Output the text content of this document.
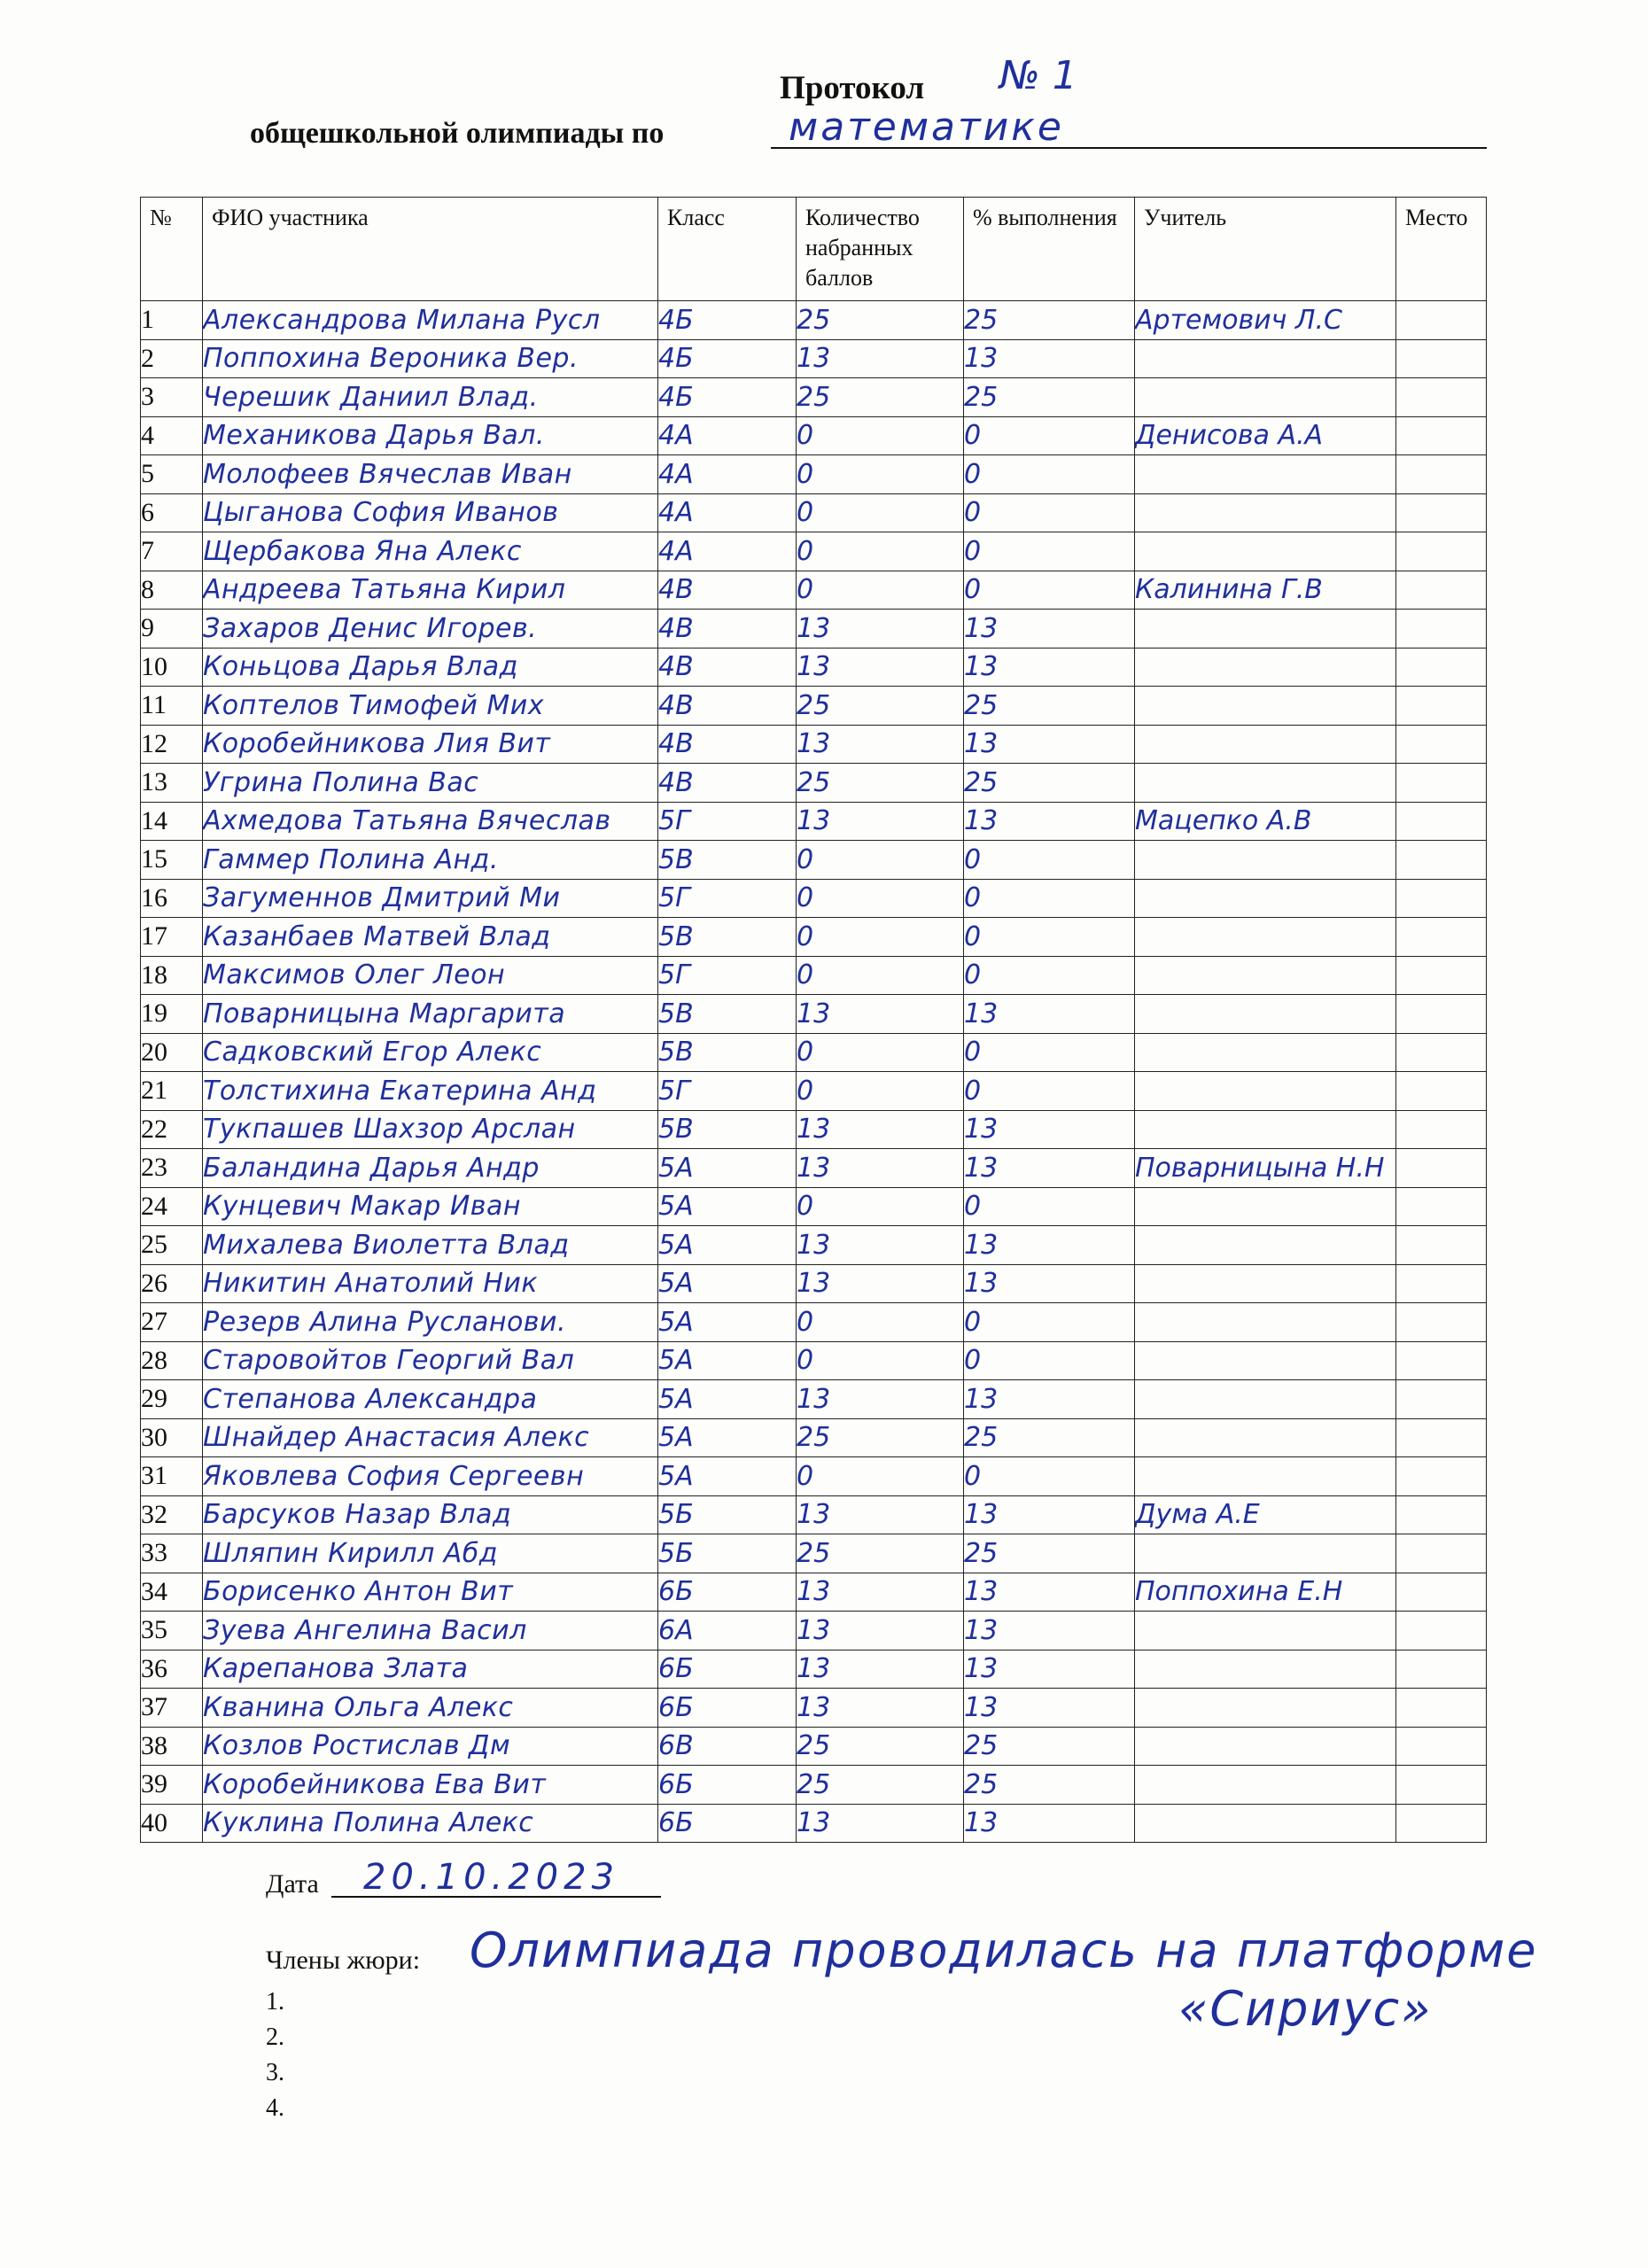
Протокол № 1
общешкольной олимпиады по	математике
№	ФИО участника	Класс	Количество набранных баллов	% выполнения	Учитель	Место
1	Александрова Милана Русл	4Б	25	25	Артемович Л.С	
2	Поппохина Вероника Вер.	4Б	13	13		
3	Черешик Даниил Влад.	4Б	25	25		
4	Механикова Дарья Вал.	4А	0	0	Денисова А.А	
5	Молофеев Вячеслав Иван	4А	0	0		
6	Цыганова София Иванов	4А	0	0		
7	Щербакова Яна Алекс	4А	0	0		
8	Андреева Татьяна Кирил	4В	0	0	Калинина Г.В	
9	Захаров Денис Игорев.	4В	13	13		
10	Коньцова Дарья Влад	4В	13	13		
11	Коптелов Тимофей Мих	4В	25	25		
12	Коробейникова Лия Вит	4В	13	13		
13	Угрина Полина Вас	4В	25	25		
14	Ахмедова Татьяна Вячеслав	5Г	13	13	Мацепко А.В	
15	Гаммер Полина Анд.	5В	0	0		
16	Загуменнов Дмитрий Ми	5Г	0	0		
17	Казанбаев Матвей Влад	5В	0	0		
18	Максимов Олег Леон	5Г	0	0		
19	Поварницына Маргарита	5В	13	13		
20	Садковский Егор Алекс	5В	0	0		
21	Толстихина Екатерина Анд	5Г	0	0		
22	Тукпашев Шахзор Арслан	5В	13	13		
23	Баландина Дарья Андр	5А	13	13	Поварницына Н.Н	
24	Кунцевич Макар Иван	5А	0	0		
25	Михалева Виолетта Влад	5А	13	13		
26	Никитин Анатолий Ник	5А	13	13		
27	Резерв Алина Русланови.	5А	0	0		
28	Старовойтов Георгий Вал	5А	0	0		
29	Степанова Александра	5А	13	13		
30	Шнайдер Анастасия Алекс	5А	25	25		
31	Яковлева София Сергеевн	5А	0	0		
32	Барсуков Назар Влад	5Б	13	13	Дума А.Е	
33	Шляпин Кирилл Абд	5Б	25	25		
34	Борисенко Антон Вит	6Б	13	13	Поппохина Е.Н	
35	Зуева Ангелина Васил	6А	13	13		
36	Карепанова Злата	6Б	13	13		
37	Кванина Ольга Алекс	6Б	13	13		
38	Козлов Ростислав Дм	6В	25	25		
39	Коробейникова Ева Вит	6Б	25	25		
40	Куклина Полина Алекс	6Б	13	13		
Дата 20.10.2023
Члены жюри: Олимпиада проводилась на платформе
«Сириус»
1.
2.
3.
4.
